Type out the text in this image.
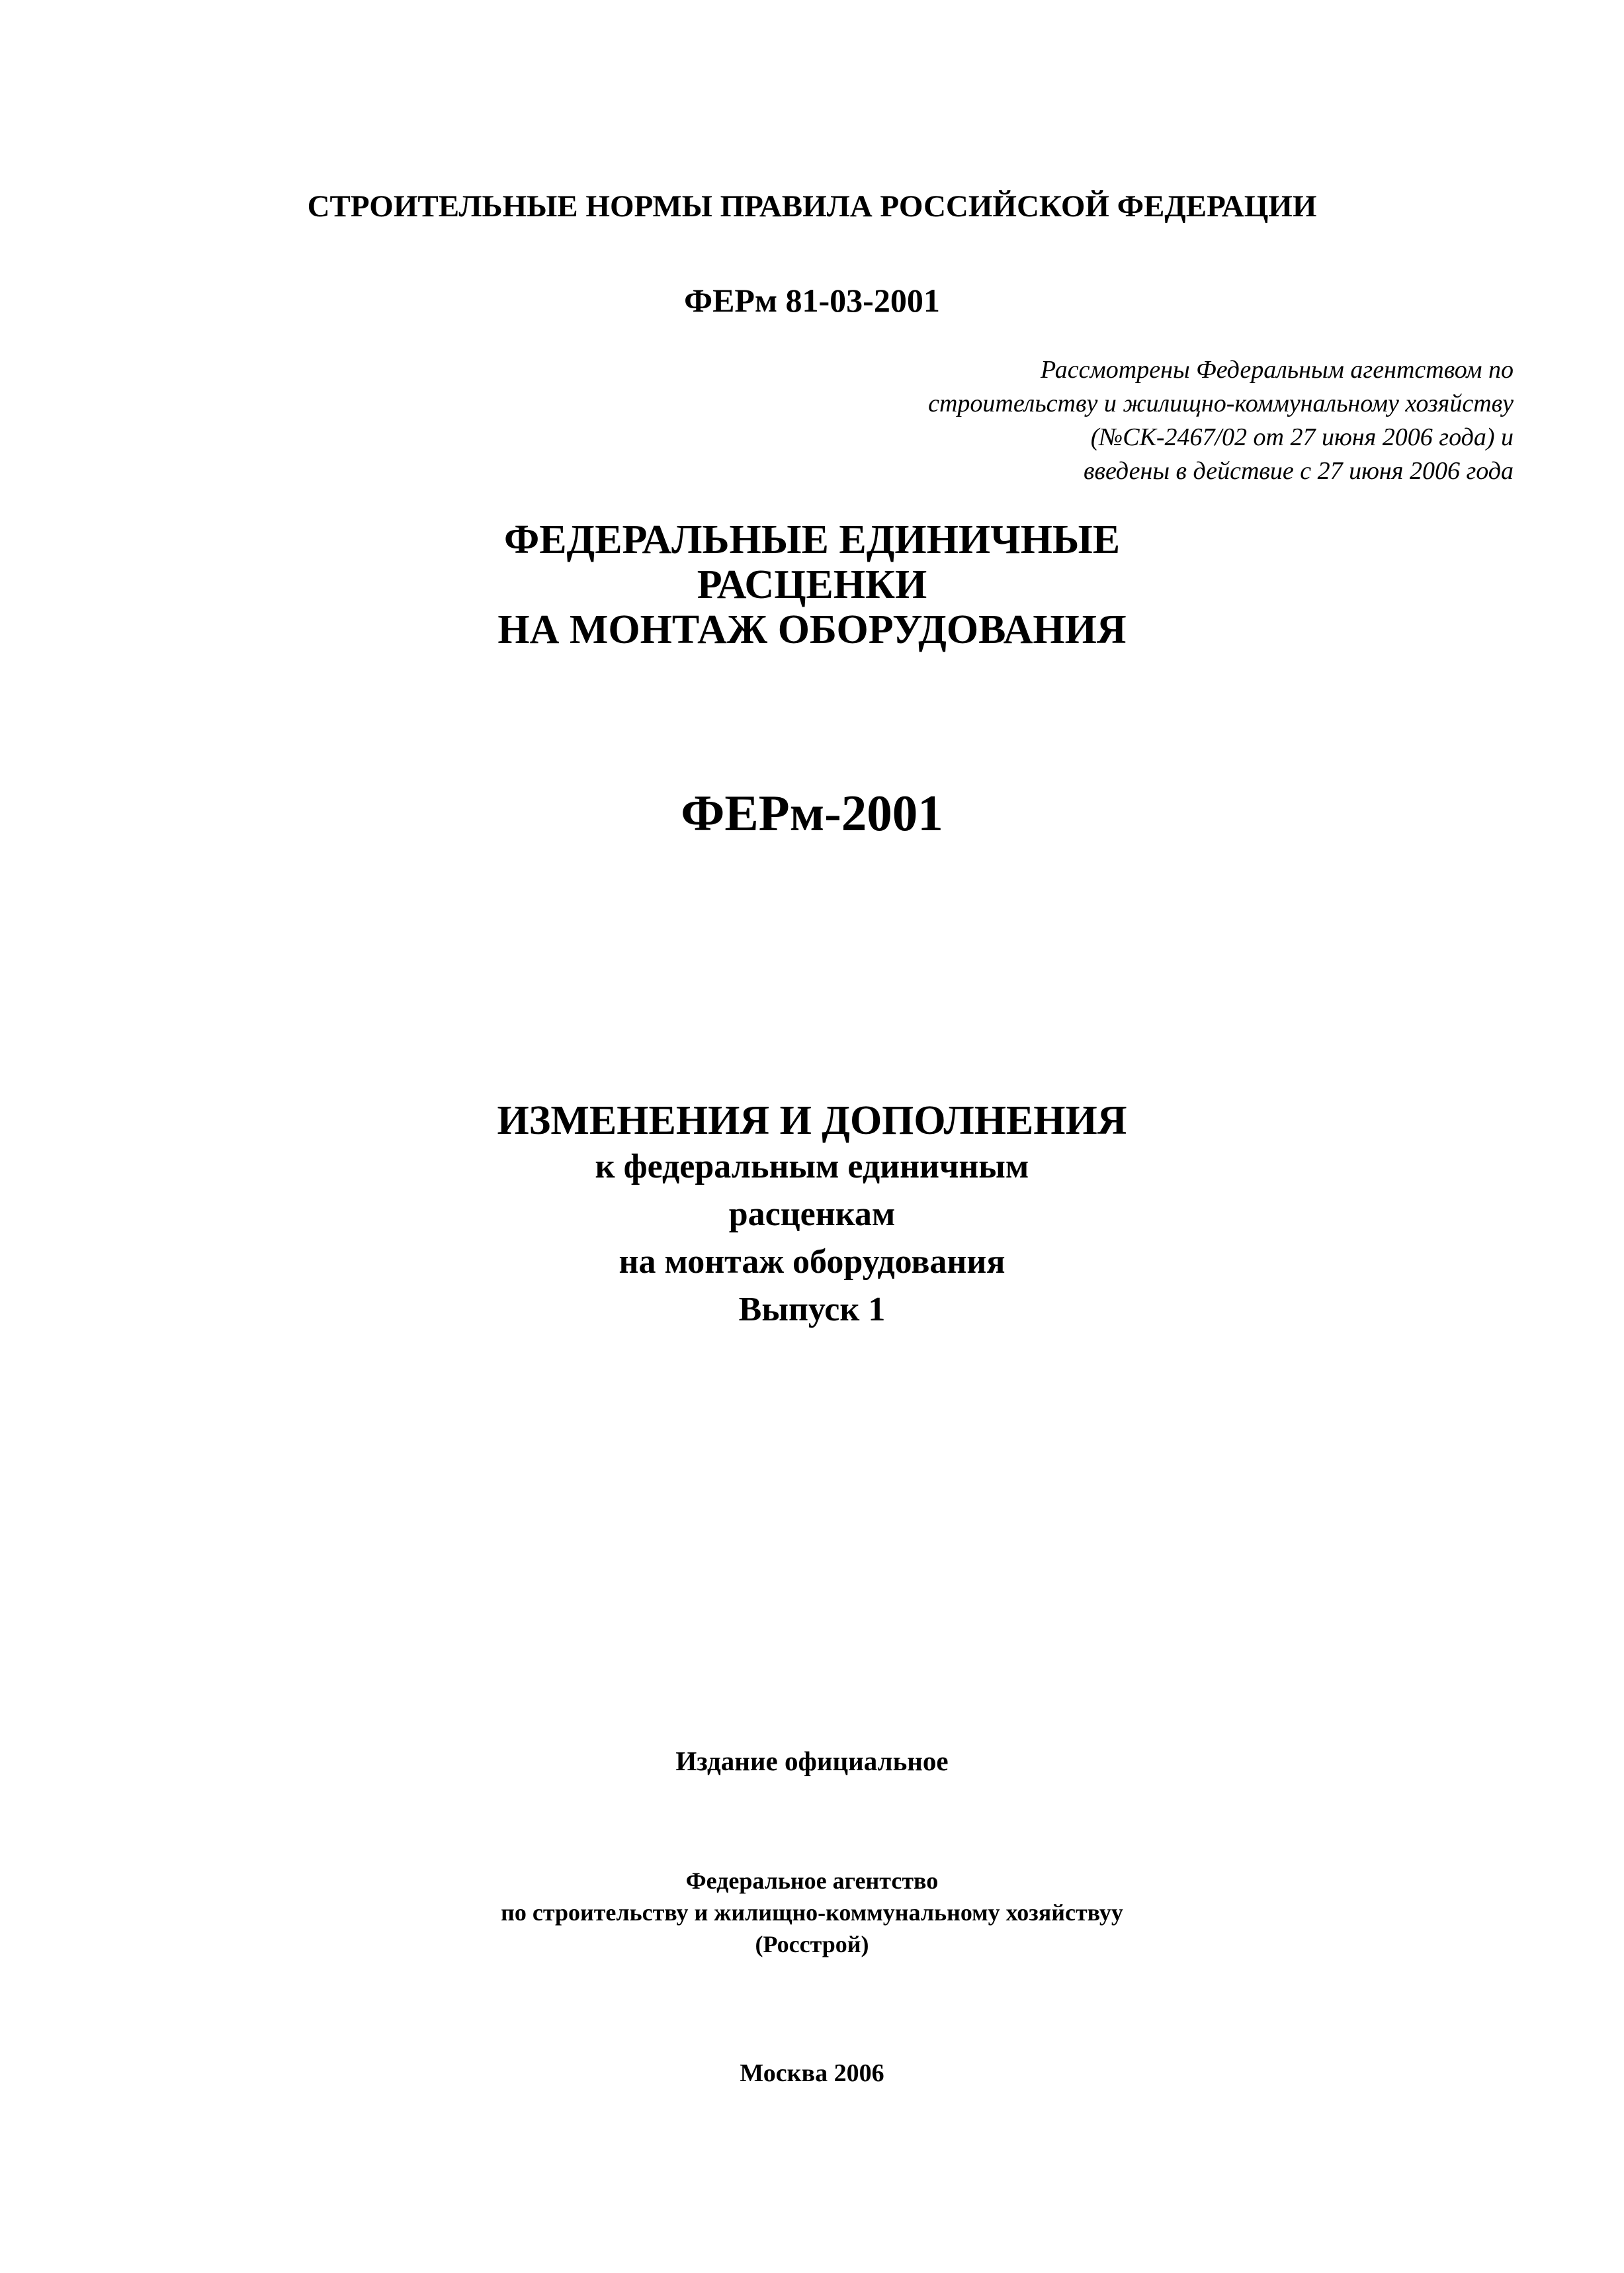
СТРОИТЕЛЬНЫЕ НОРМЫ ПРАВИЛА РОССИЙСКОЙ ФЕДЕРАЦИИ
ФЕРм 81-03-2001
Рассмотрены Федеральным агентством по
строительству и жилищно-коммунальному хозяйству
(№СК-2467/02 от 27 июня 2006 года) и
введены в действие с 27 июня 2006 года
ФЕДЕРАЛЬНЫЕ ЕДИНИЧНЫЕ
РАСЦЕНКИ
НА МОНТАЖ ОБОРУДОВАНИЯ
ФЕРм-2001
ИЗМЕНЕНИЯ И ДОПОЛНЕНИЯ
к федеральным единичным
расценкам
на монтаж оборудования
Выпуск 1
Издание официальное
Федеральное агентство
по строительству и жилищно-коммунальному хозяйствуу
(Росстрой)
Москва 2006
